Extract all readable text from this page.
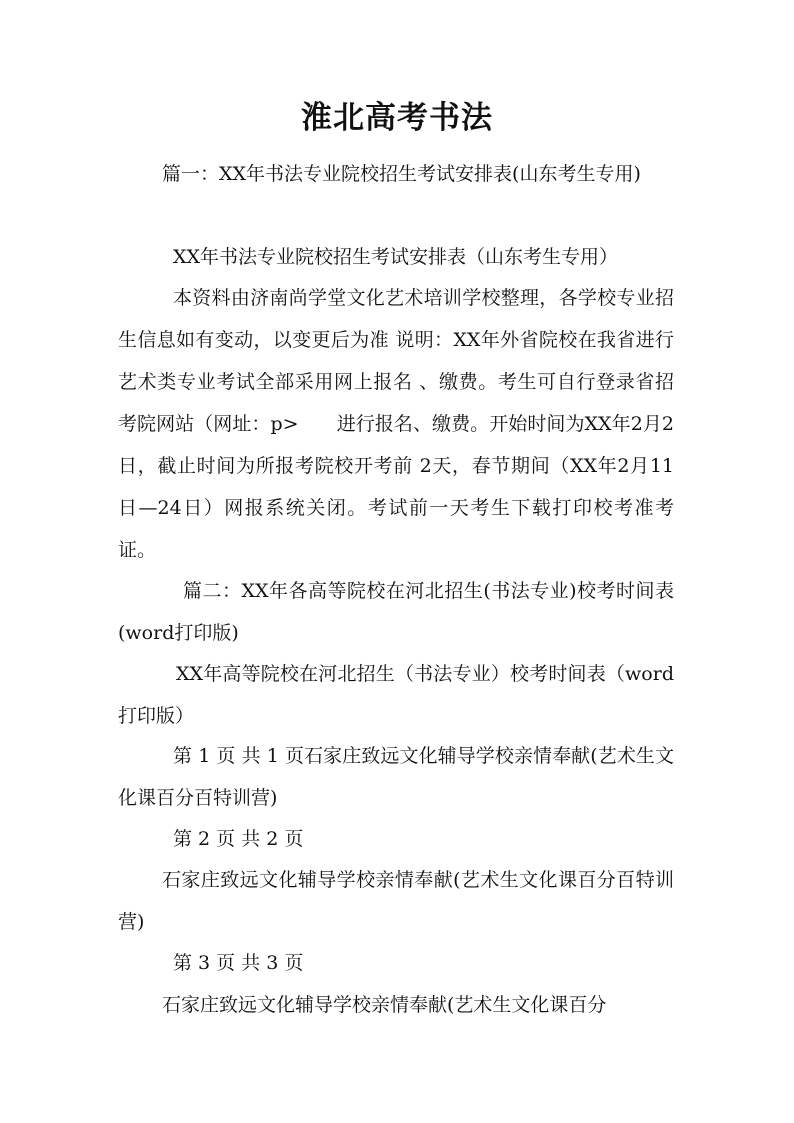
淮北高考书法
篇一：XX年书法专业院校招生考试安排表(山东考生专用)
XX年书法专业院校招生考试安排表（山东考生专用）
本资料由济南尚学堂文化艺术培训学校整理，各学校专业招生信息如有变动，以变更后为准 说明：XX年外省院校在我省进行艺术类专业考试全部采用网上报名 、缴费。考生可自行登录省招考院网站（网址：p>　　进行报名、缴费。开始时间为XX年2月2日，截止时间为所报考院校开考前 2天，春节期间（XX年2月11日—24日）网报系统关闭。考试前一天考生下载打印校考准考证。
篇二：XX年各高等院校在河北招生(书法专业)校考时间表(word打印版)
XX年高等院校在河北招生（书法专业）校考时间表（word打印版）
第 1 页 共 1 页石家庄致远文化辅导学校亲情奉献(艺术生文化课百分百特训营)
第 2 页 共 2 页
石家庄致远文化辅导学校亲情奉献(艺术生文化课百分百特训营)
第 3 页 共 3 页
石家庄致远文化辅导学校亲情奉献(艺术生文化课百分
